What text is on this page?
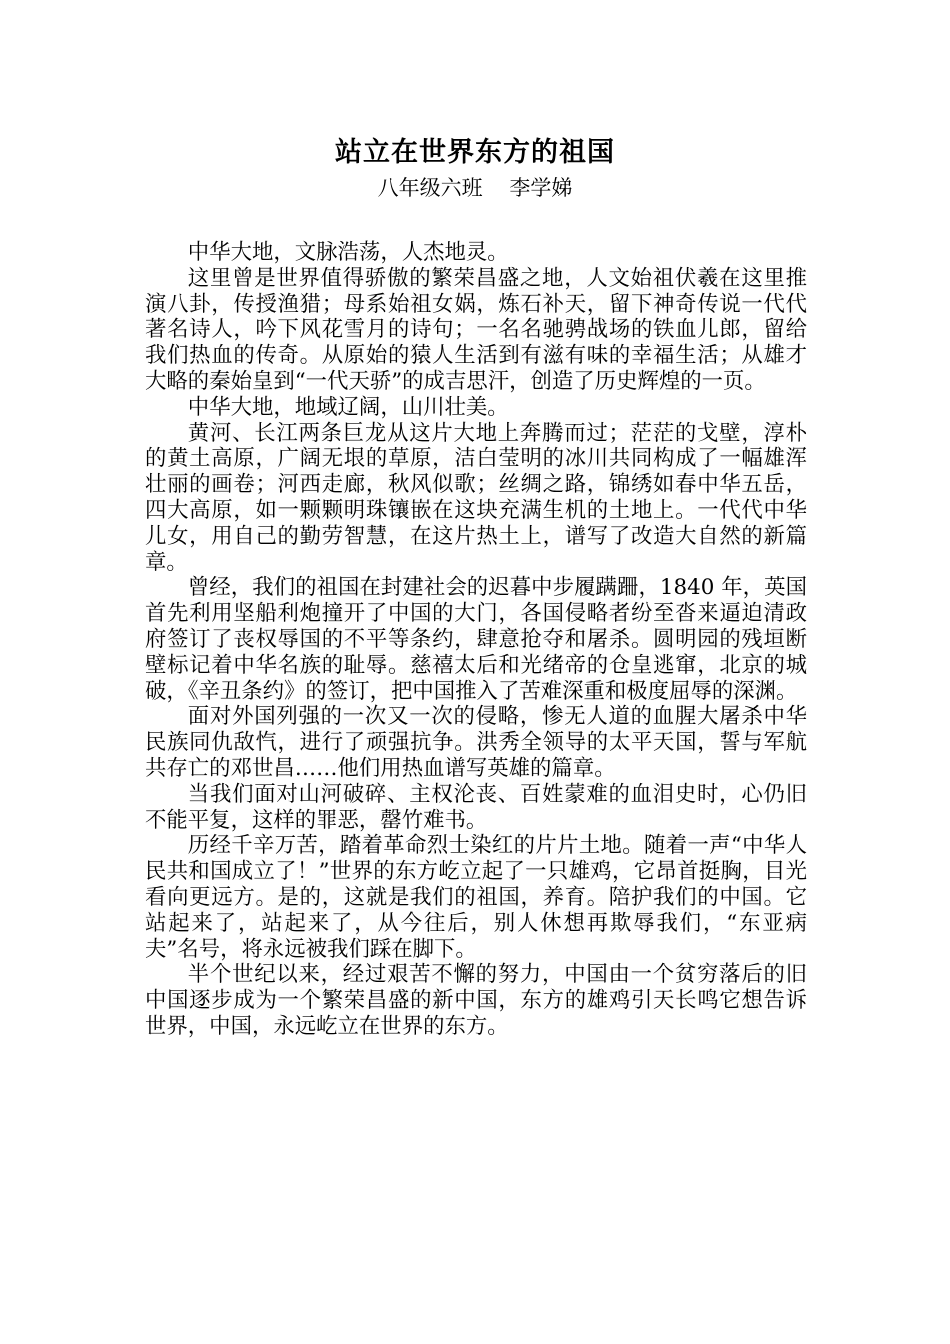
站立在世界东方的祖国
八年级六班    李学娣

中华大地，文脉浩荡，人杰地灵。

这里曾是世界值得骄傲的繁荣昌盛之地，人文始祖伏羲在这里推演八卦，传授渔猎；母系始祖女娲，炼石补天，留下神奇传说一代代著名诗人，吟下风花雪月的诗句；一名名驰骋战场的铁血儿郎，留给我们热血的传奇。从原始的猿人生活到有滋有味的幸福生活；从雄才大略的秦始皇到“一代天骄”的成吉思汗，创造了历史辉煌的一页。

中华大地，地域辽阔，山川壮美。

黄河、长江两条巨龙从这片大地上奔腾而过；茫茫的戈壁，淳朴的黄土高原，广阔无垠的草原，洁白莹明的冰川共同构成了一幅雄浑壮丽的画卷；河西走廊，秋风似歌；丝绸之路，锦绣如春中华五岳，四大高原，如一颗颗明珠镶嵌在这块充满生机的土地上。一代代中华儿女，用自己的勤劳智慧，在这片热土上，谱写了改造大自然的新篇章。

曾经，我们的祖国在封建社会的迟暮中步履蹒跚，1840 年，英国首先利用坚船利炮撞开了中国的大门，各国侵略者纷至沓来逼迫清政府签订了丧权辱国的不平等条约，肆意抢夺和屠杀。圆明园的残垣断壁标记着中华名族的耻辱。慈禧太后和光绪帝的仓皇逃窜，北京的城破，《辛丑条约》的签订，把中国推入了苦难深重和极度屈辱的深渊。

面对外国列强的一次又一次的侵略，惨无人道的血腥大屠杀中华民族同仇敌忾，进行了顽强抗争。洪秀全领导的太平天国，誓与军航共存亡的邓世昌……他们用热血谱写英雄的篇章。

当我们面对山河破碎、主权沦丧、百姓蒙难的血泪史时，心仍旧不能平复，这样的罪恶，罄竹难书。

历经千辛万苦，踏着革命烈士染红的片片土地。随着一声“中华人民共和国成立了！”世界的东方屹立起了一只雄鸡，它昂首挺胸，目光看向更远方。是的，这就是我们的祖国，养育。陪护我们的中国。它站起来了，站起来了，从今往后，别人休想再欺辱我们，“东亚病夫”名号，将永远被我们踩在脚下。

半个世纪以来，经过艰苦不懈的努力，中国由一个贫穷落后的旧中国逐步成为一个繁荣昌盛的新中国，东方的雄鸡引天长鸣它想告诉世界，中国，永远屹立在世界的东方。
